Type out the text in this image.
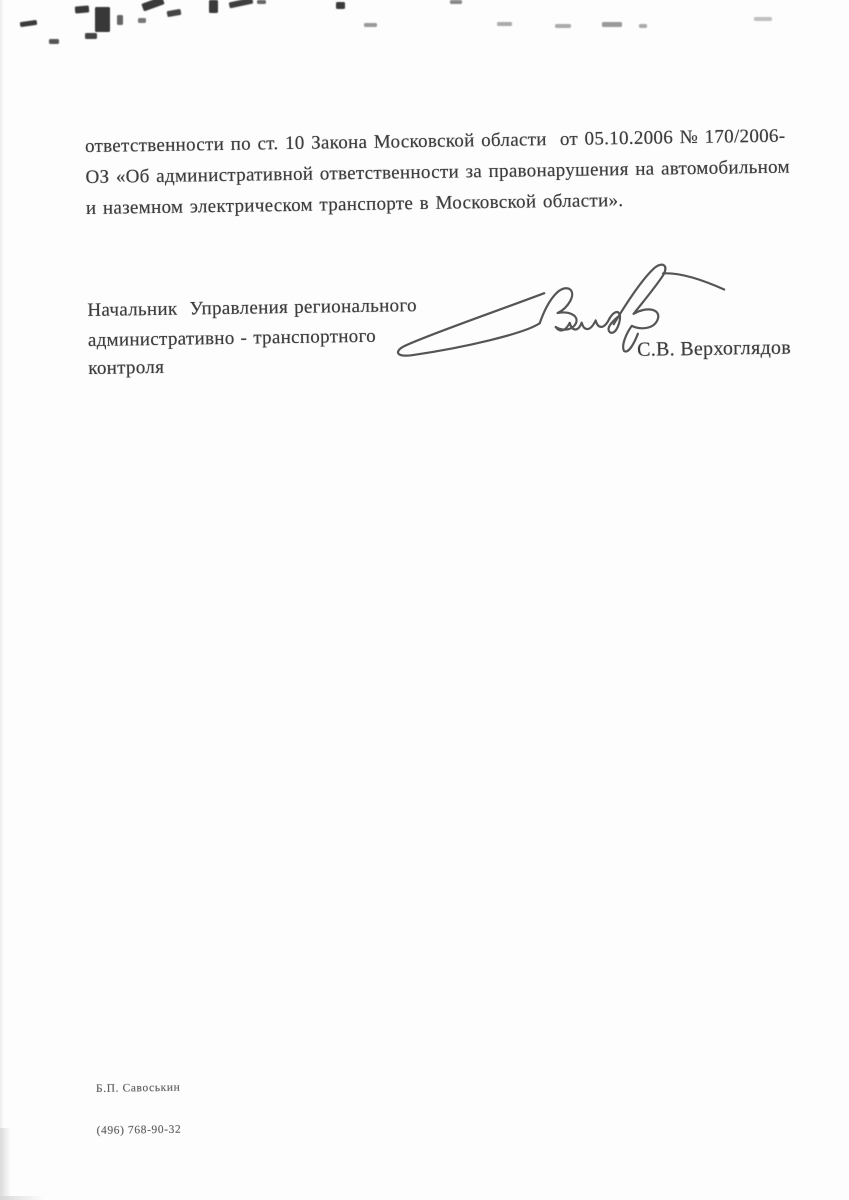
ответственности по ст. 10 Закона Московской области  от 05.10.2006 № 170/2006-
ОЗ «Об административной ответственности за правонарушения на автомобильном
и наземном электрическом транспорте в Московской области».
Начальник  Управления регионального
административно - транспортного
контроля
С.В. Верхоглядов

Б.П. Савоськин

(496) 768-90-32
